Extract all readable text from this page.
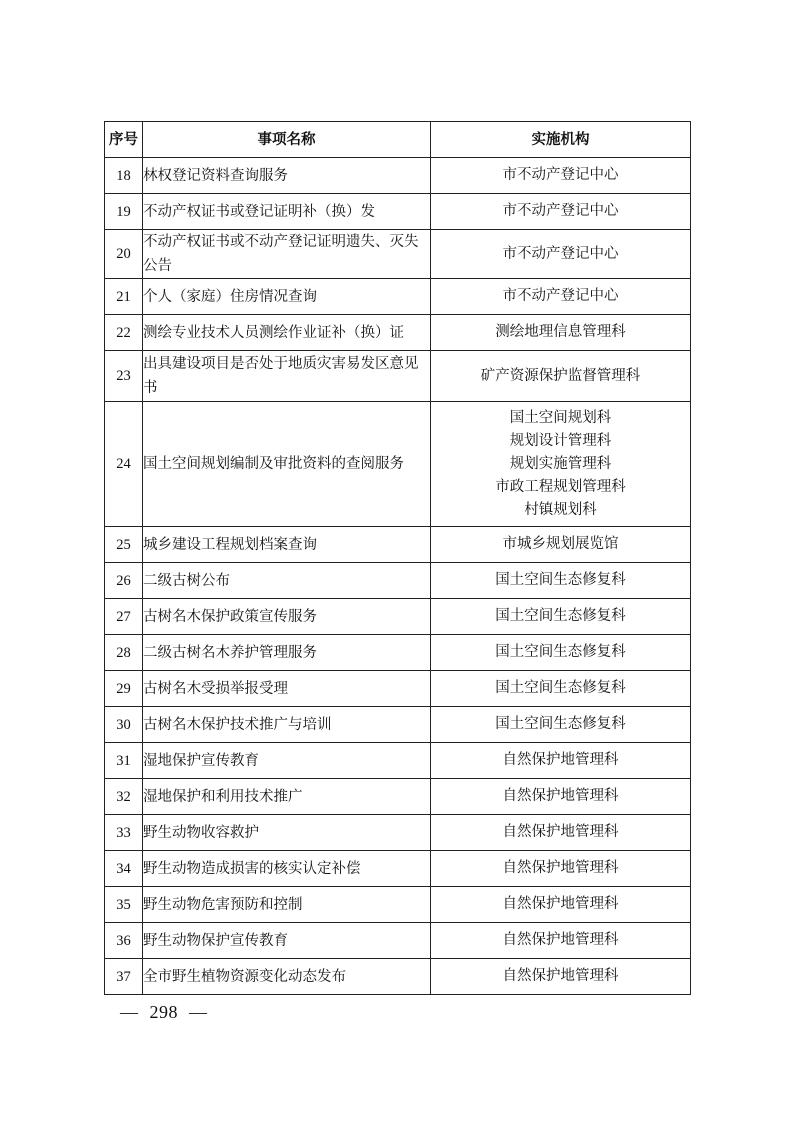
序号	事项名称	实施机构
18	林权登记资料查询服务	市不动产登记中心

19	不动产权证书或登记证明补（换）发	市不动产登记中心

20	不动产权证书或不动产登记证明遗失、灭失公告	市不动产登记中心

21	个人（家庭）住房情况查询	市不动产登记中心

22	测绘专业技术人员测绘作业证补（换）证	测绘地理信息管理科

23	出具建设项目是否处于地质灾害易发区意见书	矿产资源保护监督管理科

24	国土空间规划编制及审批资料的查阅服务	国土空间规划科
规划设计管理科
规划实施管理科
市政工程规划管理科
村镇规划科

25	城乡建设工程规划档案查询	市城乡规划展览馆

26	二级古树公布	国土空间生态修复科

27	古树名木保护政策宣传服务	国土空间生态修复科

28	二级古树名木养护管理服务	国土空间生态修复科

29	古树名木受损举报受理	国土空间生态修复科

30	古树名木保护技术推广与培训	国土空间生态修复科

31	湿地保护宣传教育	自然保护地管理科

32	湿地保护和利用技术推广	自然保护地管理科

33	野生动物收容救护	自然保护地管理科

34	野生动物造成损害的核实认定补偿	自然保护地管理科

35	野生动物危害预防和控制	自然保护地管理科

36	野生动物保护宣传教育	自然保护地管理科

37	全市野生植物资源变化动态发布	自然保护地管理科
— 298 —
